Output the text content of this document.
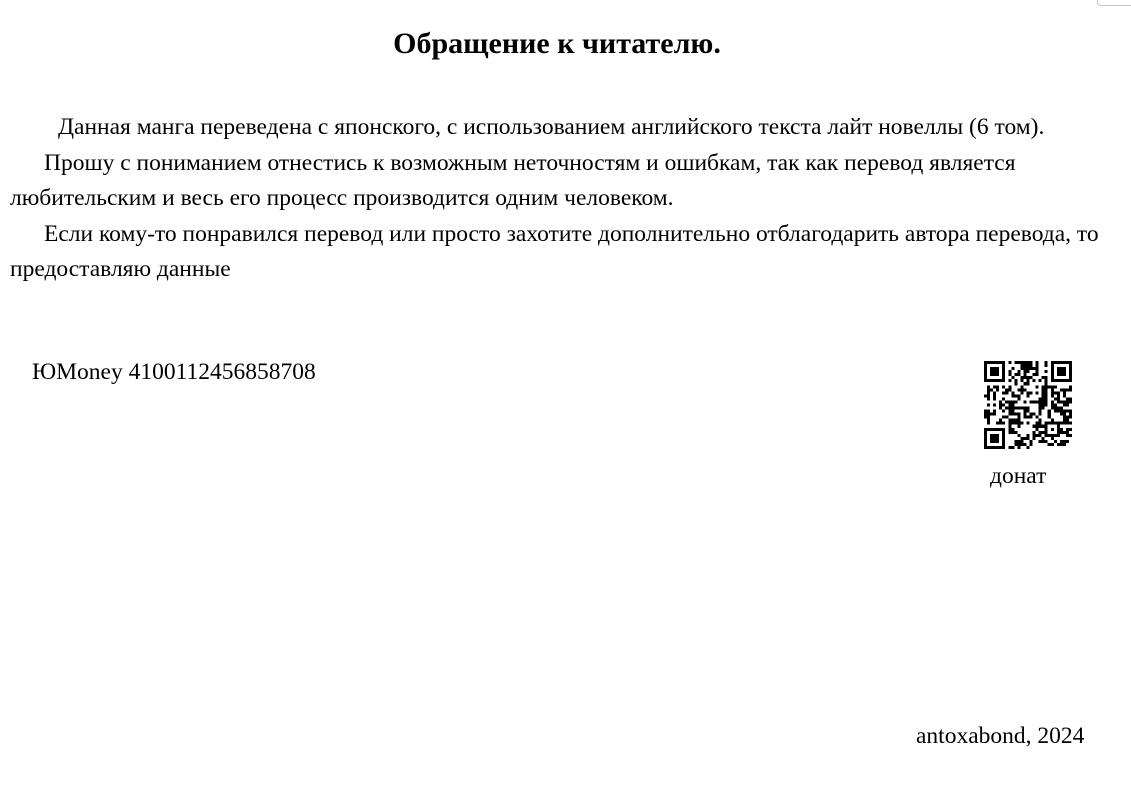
Обращение к читателю.

Данная манга переведена с японского, с использованием английского текста лайт новеллы (6 том).

Прошу с пониманием отнестись к возможным неточностям и ошибкам, так как перевод является любительским и весь его процесс производится одним человеком.

Если кому-то понравился перевод или просто захотите дополнительно отблагодарить автора перевода, то предоставляю данные

ЮMoney 4100112456858708
донат
antoxabond, 2024
